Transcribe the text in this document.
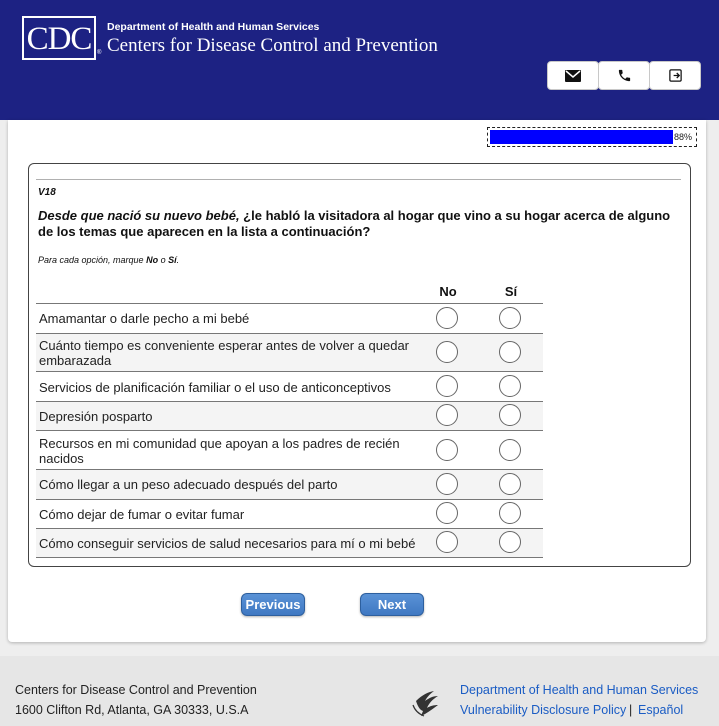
CDC ®
Department of Health and Human Services
Centers for Disease Control and Prevention
88%
V18
Desde que nació su nuevo bebé, ¿le habló la visitadora al hogar que vino a su hogar acerca de alguno de los temas que aparecen en la lista a continuación?
Para cada opción, marque No o Sí.
No	Sí
Amamantar o darle pecho a mi bebé
Cuánto tiempo es conveniente esperar antes de volver a quedar embarazada
Servicios de planificación familiar o el uso de anticonceptivos
Depresión posparto
Recursos en mi comunidad que apoyan a los padres de recién nacidos
Cómo llegar a un peso adecuado después del parto
Cómo dejar de fumar o evitar fumar
Cómo conseguir servicios de salud necesarios para mí o mi bebé
Previous	Next
Centers for Disease Control and Prevention
1600 Clifton Rd, Atlanta, GA 30333, U.S.A
Department of Health and Human Services
Vulnerability Disclosure Policy | Español
